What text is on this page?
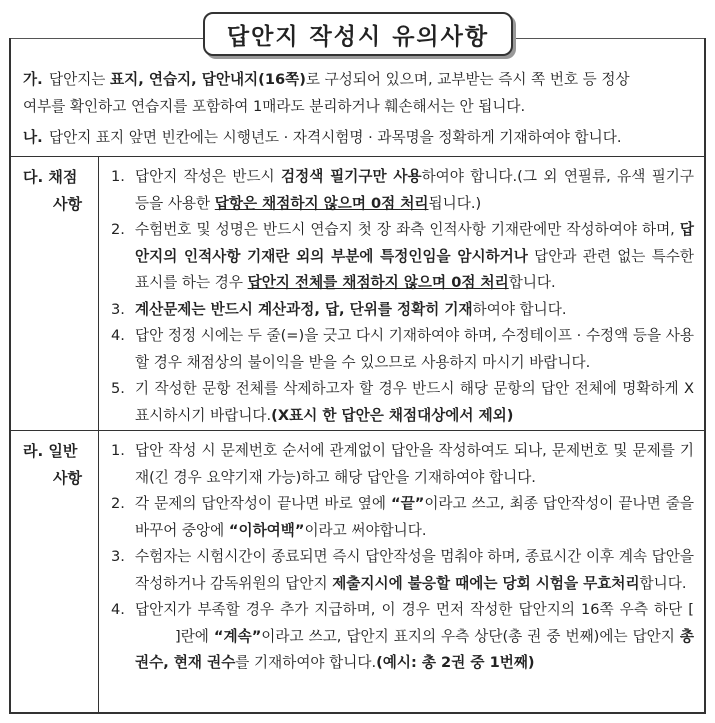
답안지 작성시 유의사항
가. 답안지는 표지, 연습지, 답안내지(16쪽)로 구성되어 있으며, 교부받는 즉시 쪽 번호 등 정상
여부를 확인하고 연습지를 포함하여 1매라도 분리하거나 훼손해서는 안 됩니다.
나. 답안지 표지 앞면 빈칸에는 시행년도 · 자격시험명 · 과목명을 정확하게 기재하여야 합니다.
다. 채점
사항
1. 답안지 작성은 반드시 검정색 필기구만 사용하여야 합니다.(그 외 연필류, 유색 필기구 등을 사용한 답항은 채점하지 않으며 0점 처리됩니다.)
2. 수험번호 및 성명은 반드시 연습지 첫 장 좌측 인적사항 기재란에만 작성하여야 하며, 답안지의 인적사항 기재란 외의 부분에 특정인임을 암시하거나 답안과 관련 없는 특수한 표시를 하는 경우 답안지 전체를 채점하지 않으며 0점 처리합니다.
3. 계산문제는 반드시 계산과정, 답, 단위를 정확히 기재하여야 합니다.
4. 답안 정정 시에는 두 줄(=)을 긋고 다시 기재하여야 하며, 수정테이프 · 수정액 등을 사용할 경우 채점상의 불이익을 받을 수 있으므로 사용하지 마시기 바랍니다.
5. 기 작성한 문항 전체를 삭제하고자 할 경우 반드시 해당 문항의 답안 전체에 명확하게 X표시하시기 바랍니다.(X표시 한 답안은 채점대상에서 제외)
라. 일반
사항
1. 답안 작성 시 문제번호 순서에 관계없이 답안을 작성하여도 되나, 문제번호 및 문제를 기재(긴 경우 요약기재 가능)하고 해당 답안을 기재하여야 합니다.
2. 각 문제의 답안작성이 끝나면 바로 옆에 “끝”이라고 쓰고, 최종 답안작성이 끝나면 줄을 바꾸어 중앙에 “이하여백”이라고 써야합니다.
3. 수험자는 시험시간이 종료되면 즉시 답안작성을 멈춰야 하며, 종료시간 이후 계속 답안을 작성하거나 감독위원의 답안지 제출지시에 불응할 때에는 당회 시험을 무효처리합니다.
4. 답안지가 부족할 경우 추가 지급하며, 이 경우 먼저 작성한 답안지의 16쪽 우측 하단 []란에 “계속”이라고 쓰고, 답안지 표지의 우측 상단(총 권 중 번째)에는 답안지 총 권수, 현재 권수를 기재하여야 합니다.(예시: 총 2권 중 1번째)
